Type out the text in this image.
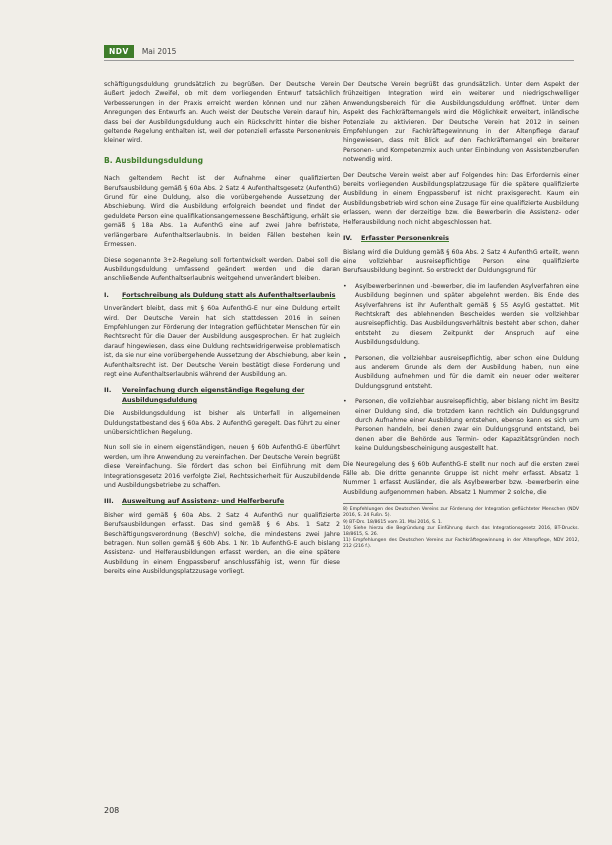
NDV	Mai 2015

schäftigungsduldung grundsätzlich zu begrüßen. Der Deutsche Verein äußert jedoch Zweifel, ob mit dem vorliegenden Entwurf tatsächlich Verbesserungen in der Praxis erreicht werden können und nur zähen Anregungen des Entwurfs an. Auch weist der Deutsche Verein darauf hin, dass bei der Ausbildungsduldung auch ein Rückschritt hinter die bisher geltende Regelung enthalten ist, weil der potenziell erfasste Personenkreis kleiner wird.

B. Ausbildungsduldung

Nach geltendem Recht ist der Aufnahme einer qualifizierten Berufsausbildung gemäß § 60a Abs. 2 Satz 4 Aufenthaltsgesetz (AufenthG) Grund für eine Duldung, also die vorübergehende Aussetzung der Abschiebung. Wird die Ausbildung erfolgreich beendet und findet der geduldete Person eine qualifikationsangemessene Beschäftigung, erhält sie gemäß § 18a Abs. 1a AufenthG eine auf zwei Jahre befristete, verlängerbare Aufenthaltserlaubnis. In beiden Fällen bestehen kein Ermessen.

Diese sogenannte 3+2-Regelung soll fortentwickelt werden. Dabei soll die Ausbildungsduldung umfassend geändert werden und die daran anschließende Aufenthaltserlaubnis weitgehend unverändert bleiben.

I.	Fortschreibung als Duldung statt als Aufenthaltserlaubnis

Unverändert bleibt, dass mit § 60a AufenthG-E nur eine Duldung erteilt wird. Der Deutsche Verein hat sich stattdessen 2016 in seinen Empfehlungen zur Förderung der Integration geflüchteter Menschen für ein Rechtsrecht für die Dauer der Ausbildung ausgesprochen. Er hat zugleich darauf hingewiesen, dass eine Duldung rechtswidrigerweise problematisch ist, da sie nur eine vorübergehende Aussetzung der Abschiebung, aber kein Aufenthaltsrecht ist. Der Deutsche Verein bestätigt diese Forderung und regt eine Aufenthaltserlaubnis während der Ausbildung an.

II.	Vereinfachung durch eigenständige Regelung der Ausbildungsduldung

Die Ausbildungsduldung ist bisher als Unterfall in allgemeinen Duldungstatbestand des § 60a Abs. 2 AufenthG geregelt. Das führt zu einer unübersichtlichen Regelung.

Nun soll sie in einem eigenständigen, neuen § 60b AufenthG-E überführt werden, um ihre Anwendung zu vereinfachen. Der Deutsche Verein begrüßt diese Vereinfachung. Sie fördert das schon bei Einführung mit dem Integrationsgesetz 2016 verfolgte Ziel, Rechtssicherheit für Auszubildende und Ausbildungsbetriebe zu schaffen.

III.	Ausweitung auf Assistenz- und Helferberufe

Bisher wird gemäß § 60a Abs. 2 Satz 4 AufenthG nur qualifizierte Berufsausbildungen erfasst. Das sind gemäß § 6 Abs. 1 Satz 2 Beschäftigungsverordnung (BeschV) solche, die mindestens zwei Jahre betragen. Nun sollen gemäß § 60b Abs. 1 Nr. 1b AufenthG-E auch bislang Assistenz- und Helferausbildungen erfasst werden, an die eine spätere Ausbildung in einem Engpassberuf anschlussfähig ist, wenn für diese bereits eine Ausbildungsplatzzusage vorliegt.

Der Deutsche Verein begrüßt das grundsätzlich. Unter dem Aspekt der frühzeitigen Integration wird ein weiterer und niedrigschwelliger Anwendungsbereich für die Ausbildungsduldung eröffnet. Unter dem Aspekt des Fachkräftemangels wird die Möglichkeit erweitert, inländische Potenziale zu aktivieren. Der Deutsche Verein hat 2012 in seinen Empfehlungen zur Fachkräftegewinnung in der Altenpflege darauf hingewiesen, dass mit Blick auf den Fachkräftemangel ein breiterer Personen- und Kompetenzmix auch unter Einbindung von Assistenzberufen notwendig wird.

Der Deutsche Verein weist aber auf Folgendes hin: Das Erfordernis einer bereits vorliegenden Ausbildungsplatzzusage für die spätere qualifizierte Ausbildung in einem Engpassberuf ist nicht praxisgerecht. Kaum ein Ausbildungsbetrieb wird schon eine Zusage für eine qualifizierte Ausbildung erlassen, wenn der derzeitige bzw. die Bewerberin die Assistenz- oder Helferausbildung noch nicht abgeschlossen hat.

IV.	Erfasster Personenkreis

Bislang wird die Duldung gemäß § 60a Abs. 2 Satz 4 AufenthG erteilt, wenn eine vollziehbar ausreisepflichtige Person eine qualifizierte Berufsausbildung beginnt. So erstreckt der Duldungsgrund für

•	Asylbewerberinnen und -bewerber, die im laufenden Asylverfahren eine Ausbildung beginnen und später abgelehnt werden. Bis Ende des Asylverfahrens ist ihr Aufenthalt gemäß § 55 AsylG gestattet. Mit Rechtskraft des ablehnenden Bescheides werden sie vollziehbar ausreisepflichtig. Das Ausbildungsverhältnis besteht aber schon, daher entsteht zu diesem Zeitpunkt der Anspruch auf eine Ausbildungsduldung.
•	Personen, die vollziehbar ausreisepflichtig, aber schon eine Duldung aus anderem Grunde als dem der Ausbildung haben, nun eine Ausbildung aufnehmen und für die damit ein neuer oder weiterer Duldungsgrund entsteht.
•	Personen, die vollziehbar ausreisepflichtig, aber bislang nicht im Besitz einer Duldung sind, die trotzdem kann rechtlich ein Duldungsgrund durch Aufnahme einer Ausbildung entstehen, ebenso kann es sich um Personen handeln, bei denen zwar ein Duldungsgrund entstand, bei denen aber die Behörde aus Termin- oder Kapazitätsgründen noch keine Duldungsbescheinigung ausgestellt hat.

Die Neuregelung des § 60b AufenthG-E stellt nur noch auf die ersten zwei Fälle ab. Die dritte genannte Gruppe ist nicht mehr erfasst. Absatz 1 Nummer 1 erfasst Ausländer, die als Asylbewerber bzw. -bewerberin eine Ausbildung aufgenommen haben. Absatz 1 Nummer 2 solche, die

8) Empfehlungen des Deutschen Vereins zur Förderung der Integration geflüchteter Menschen (NDV 2016, S. 24 Fußn. 5).

9) BT-Drs. 18/8615 vom 31. Mai 2016, S. 1.

10) Siehe hierzu die Begründung zur Einführung durch das Integrationsgesetz 2016, BT-Drucks. 18/8615, S. 26.

11) Empfehlungen des Deutschen Vereins zur Fachkräftegewinnung in der Altenpflege, NDV 2012, 212 (216 f.).

208
